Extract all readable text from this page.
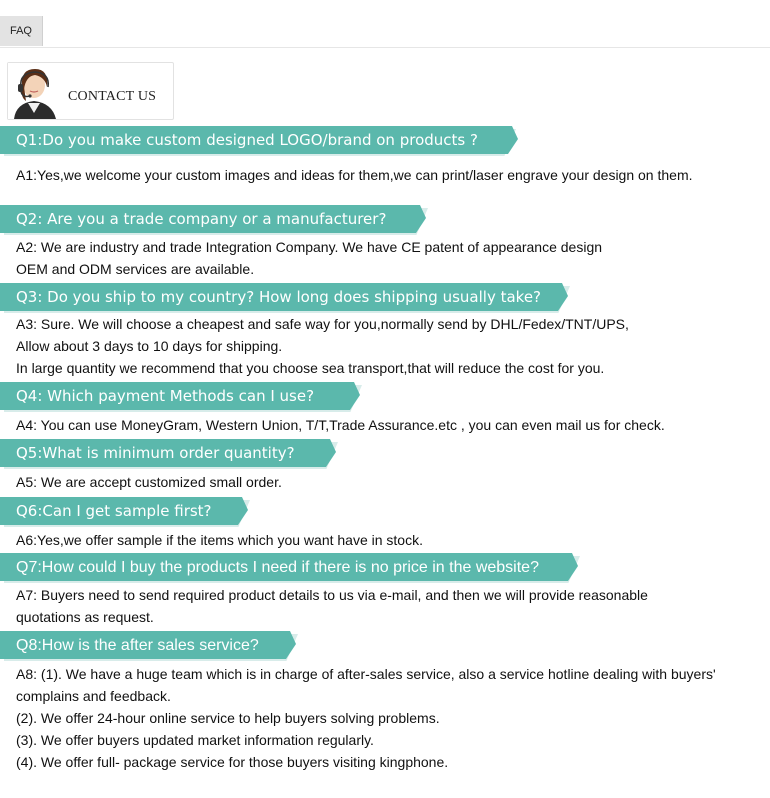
FAQ
CONTACT US
Q1:Do you make custom designed LOGO/brand on products ?
A1:Yes,we welcome your custom images and ideas for them,we can print/laser engrave your design on them.
Q2: Are you a trade company or a manufacturer?
A2: We are industry and trade Integration Company. We have CE patent of appearance design
OEM and ODM services are available.
Q3: Do you ship to my country? How long does shipping usually take?
A3: Sure. We will choose a cheapest and safe way for you,normally send by DHL/Fedex/TNT/UPS,
Allow about 3 days to 10 days for shipping.
In large quantity we recommend that you choose sea transport,that will reduce the cost for you.
Q4: Which payment Methods can I use?
A4: You can use MoneyGram, Western Union, T/T,Trade Assurance.etc , you can even mail us for check.
Q5:What is minimum order quantity?
A5: We are accept customized small order.
Q6:Can I get sample first?
A6:Yes,we offer sample if the items which you want have in stock.
Q7:How could I buy the products I need if there is no price in the website?
A7: Buyers need to send required product details to us via e-mail, and then we will provide reasonable
quotations as request.
Q8:How is the after sales service?
A8: (1). We have a huge team which is in charge of after-sales service, also a service hotline dealing with buyers'
complains and feedback.
(2). We offer 24-hour online service to help buyers solving problems.
(3). We offer buyers updated market information regularly.
(4). We offer full- package service for those buyers visiting kingphone.
